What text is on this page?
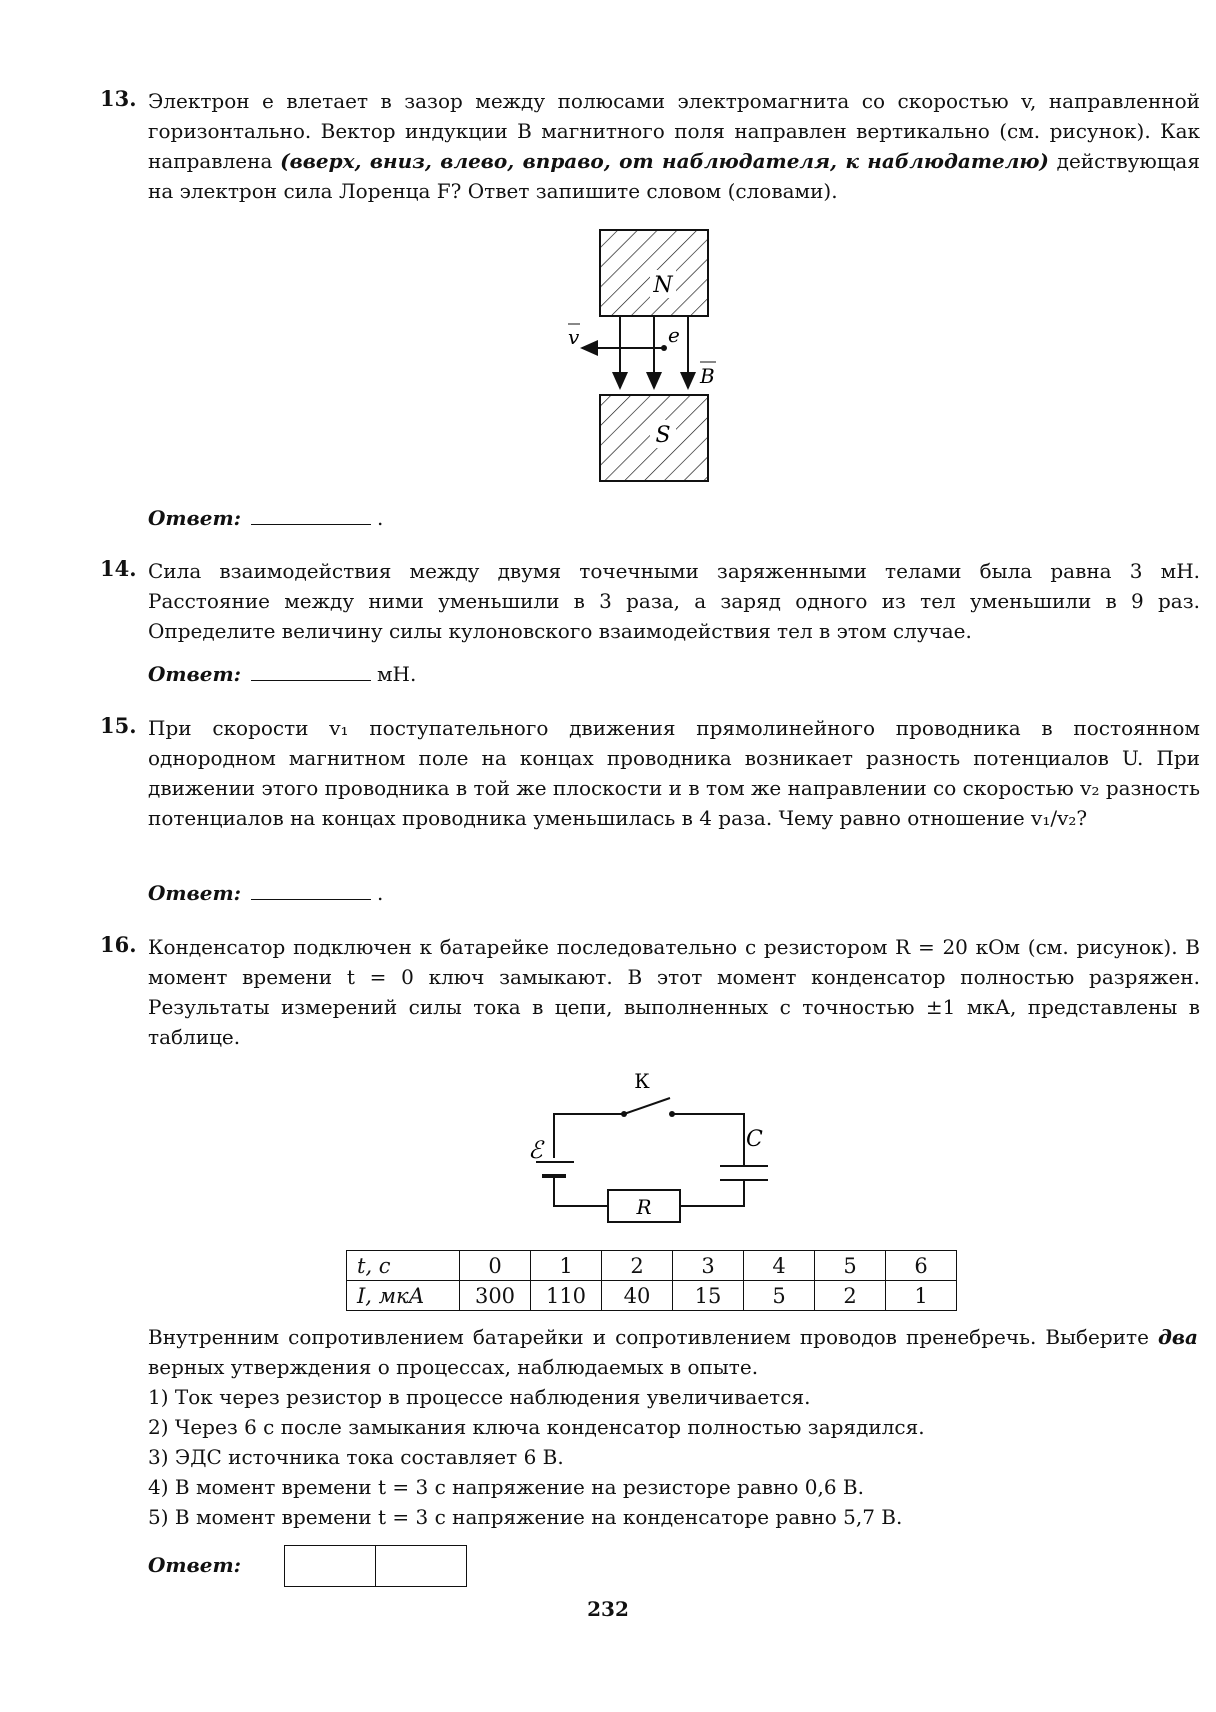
13. Электрон e влетает в зазор между полюсами электромагнита со скоростью v, направленной горизонтально. Вектор индукции B магнитного поля направлен вертикально (см. рисунок). Как направлена (вверх, вниз, влево, вправо, от наблюдателя, к наблюдателю) действующая на электрон сила Лоренца F? Ответ запишите словом (словами).
N
S
v	e
B
Ответ:	.
14. Сила взаимодействия между двумя точечными заряженными телами была равна 3 мН. Расстояние между ними уменьшили в 3 раза, а заряд одного из тел уменьшили в 9 раз. Определите величину силы кулоновского взаимодействия тел в этом случае.
Ответ:	мН.
15. При скорости v₁ поступательного движения прямолинейного проводника в постоянном однородном магнитном поле на концах проводника возникает разность потенциалов U. При движении этого проводника в той же плоскости и в том же направлении со скоростью v₂ разность потенциалов на концах проводника уменьшилась в 4 раза. Чему равно отношение v₁/v₂?
Ответ:	.
16. Конденсатор подключен к батарейке последовательно с резистором R = 20 кОм (см. рисунок). В момент времени t = 0 ключ замыкают. В этот момент конденсатор полностью разряжен. Результаты измерений силы тока в цепи, выполненных с точностью ±1 мкА, представлены в таблице.
К
ℰ	C
R
t, с	0	1	2	3	4	5	6
I, мкА	300	110	40	15	5	2	1

Внутренним сопротивлением батарейки и сопротивлением проводов пренебречь. Выберите два верных утверждения о процессах, наблюдаемых в опыте.

1) Ток через резистор в процессе наблюдения увеличивается.

2) Через 6 с после замыкания ключа конденсатор полностью зарядился.

3) ЭДС источника тока составляет 6 В.

4) В момент времени t = 3 с напряжение на резисторе равно 0,6 В.

5) В момент времени t = 3 с напряжение на конденсаторе равно 5,7 В.

Ответ:
232
